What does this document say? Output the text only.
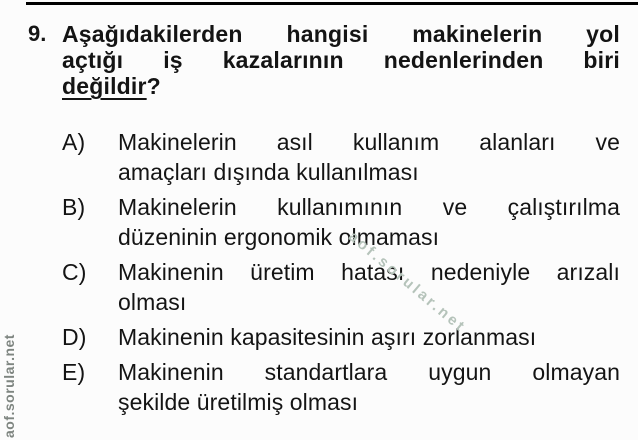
9. Aşağıdakilerden hangisi makinelerin yol
açtığı iş kazalarının nedenlerinden biri
değildir?
A)	Makinelerin asıl kullanım alanları ve
amaçları dışında kullanılması
B)	Makinelerin kullanımının ve çalıştırılma
düzeninin ergonomik olmaması
C)	Makinenin üretim hatası nedeniyle arızalı
olması
D)	Makinenin kapasitesinin aşırı zorlanması
E)	Makinenin standartlara uygun olmayan
şekilde üretilmiş olması
aof.sorular.net
aof.sorular.net
